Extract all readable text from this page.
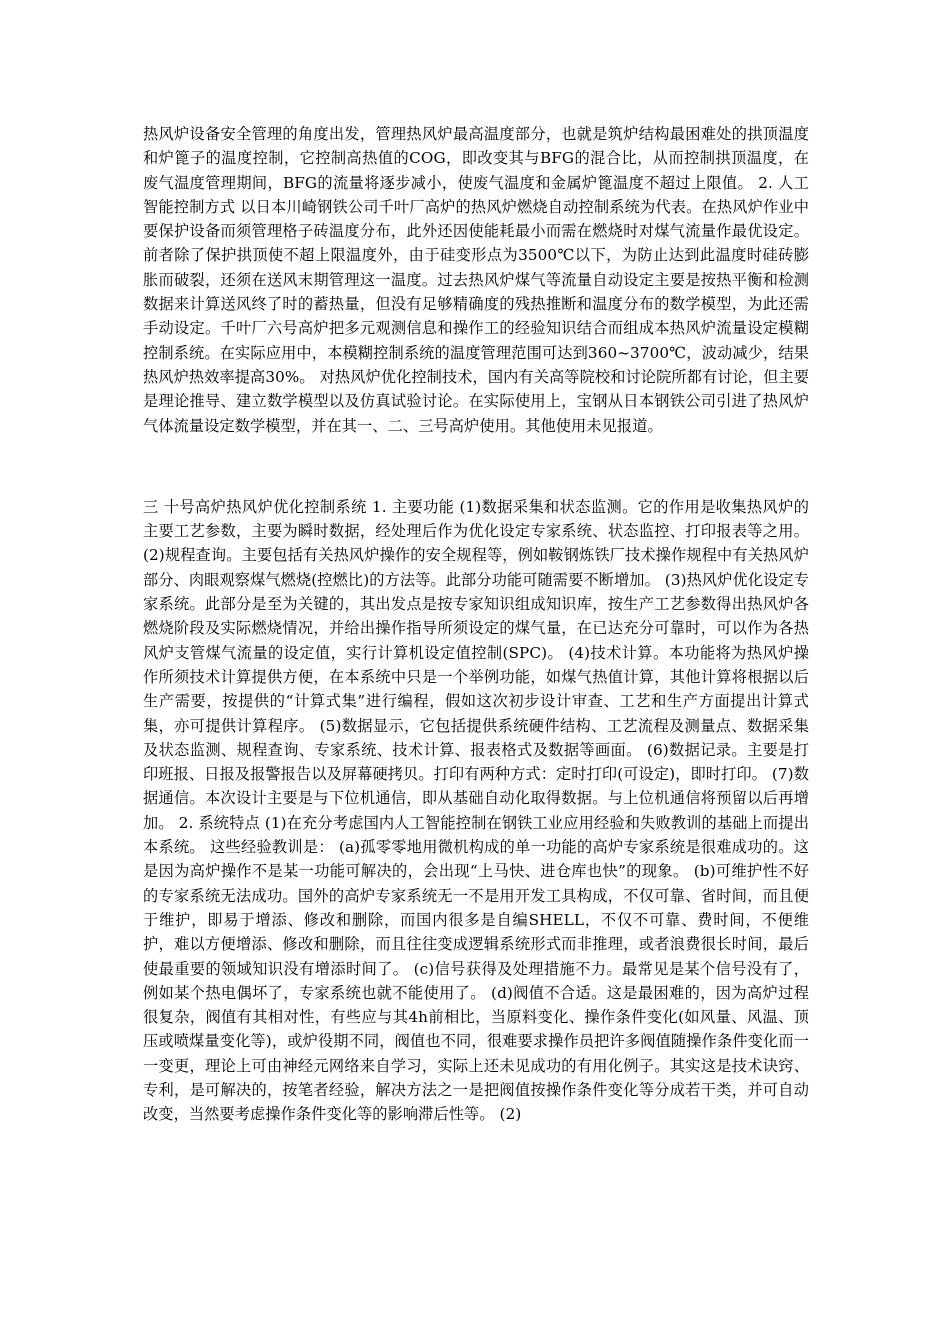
热风炉设备安全管理的角度出发，管理热风炉最高温度部分，也就是筑炉结构最困难处的拱顶温度和炉篦子的温度控制，它控制高热值的COG，即改变其与BFG的混合比，从而控制拱顶温度，在废气温度管理期间，BFG的流量将逐步减小，使废气温度和金属炉篦温度不超过上限值。 2. 人工智能控制方式 以日本川崎钢铁公司千叶厂高炉的热风炉燃烧自动控制系统为代表。在热风炉作业中要保护设备而须管理格子砖温度分布，此外还因使能耗最小而需在燃烧时对煤气流量作最优设定。前者除了保护拱顶使不超上限温度外，由于硅变形点为3500℃以下，为防止达到此温度时硅砖膨胀而破裂，还须在送风末期管理这一温度。过去热风炉煤气等流量自动设定主要是按热平衡和检测数据来计算送风终了时的蓄热量，但没有足够精确度的残热推断和温度分布的数学模型，为此还需手动设定。千叶厂六号高炉把多元观测信息和操作工的经验知识结合而组成本热风炉流量设定模糊控制系统。在实际应用中，本模糊控制系统的温度管理范围可达到360~3700℃，波动减少，结果热风炉热效率提高30%。 对热风炉优化控制技术，国内有关高等院校和讨论院所都有讨论，但主要是理论推导、建立数学模型以及仿真试验讨论。在实际使用上，宝钢从日本钢铁公司引进了热风炉气体流量设定数学模型，并在其一、二、三号高炉使用。其他使用未见报道。

三 十号高炉热风炉优化控制系统 1. 主要功能 (1)数据采集和状态监测。它的作用是收集热风炉的主要工艺参数，主要为瞬时数据，经处理后作为优化设定专家系统、状态监控、打印报表等之用。 (2)规程查询。主要包括有关热风炉操作的安全规程等，例如鞍钢炼铁厂技术操作规程中有关热风炉部分、肉眼观察煤气燃烧(控燃比)的方法等。此部分功能可随需要不断增加。 (3)热风炉优化设定专家系统。此部分是至为关键的，其出发点是按专家知识组成知识库，按生产工艺参数得出热风炉各燃烧阶段及实际燃烧情况，并给出操作指导所须设定的煤气量，在已达充分可靠时，可以作为各热风炉支管煤气流量的设定值，实行计算机设定值控制(SPC)。 (4)技术计算。本功能将为热风炉操作所须技术计算提供方便，在本系统中只是一个举例功能，如煤气热值计算，其他计算将根据以后生产需要，按提供的“计算式集”进行编程，假如这次初步设计审查、工艺和生产方面提出计算式集，亦可提供计算程序。 (5)数据显示，它包括提供系统硬件结构、工艺流程及测量点、数据采集及状态监测、规程查询、专家系统、技术计算、报表格式及数据等画面。 (6)数据记录。主要是打印班报、日报及报警报告以及屏幕硬拷贝。打印有两种方式：定时打印(可设定)，即时打印。 (7)数据通信。本次设计主要是与下位机通信，即从基础自动化取得数据。与上位机通信将预留以后再增加。 2. 系统特点 (1)在充分考虑国内人工智能控制在钢铁工业应用经验和失败教训的基础上而提出本系统。 这些经验教训是： (a)孤零零地用微机构成的单一功能的高炉专家系统是很难成功的。这是因为高炉操作不是某一功能可解决的，会出现“上马快、进仓库也快”的现象。 (b)可维护性不好的专家系统无法成功。国外的高炉专家系统无一不是用开发工具构成，不仅可靠、省时间，而且便于维护，即易于增添、修改和删除，而国内很多是自编SHELL，不仅不可靠、费时间，不便维护，难以方便增添、修改和删除，而且往往变成逻辑系统形式而非推理，或者浪费很长时间，最后使最重要的领域知识没有增添时间了。 (c)信号获得及处理措施不力。最常见是某个信号没有了，例如某个热电偶坏了，专家系统也就不能使用了。 (d)阀值不合适。这是最困难的，因为高炉过程很复杂，阀值有其相对性，有些应与其4h前相比，当原料变化、操作条件变化(如风量、风温、顶压或喷煤量变化等)，或炉役期不同，阀值也不同，很难要求操作员把许多阀值随操作条件变化而一一变更，理论上可由神经元网络来自学习，实际上还未见成功的有用化例子。其实这是技术诀窍、专利，是可解决的，按笔者经验，解决方法之一是把阀值按操作条件变化等分成若干类，并可自动改变，当然要考虑操作条件变化等的影响滞后性等。 (2)
